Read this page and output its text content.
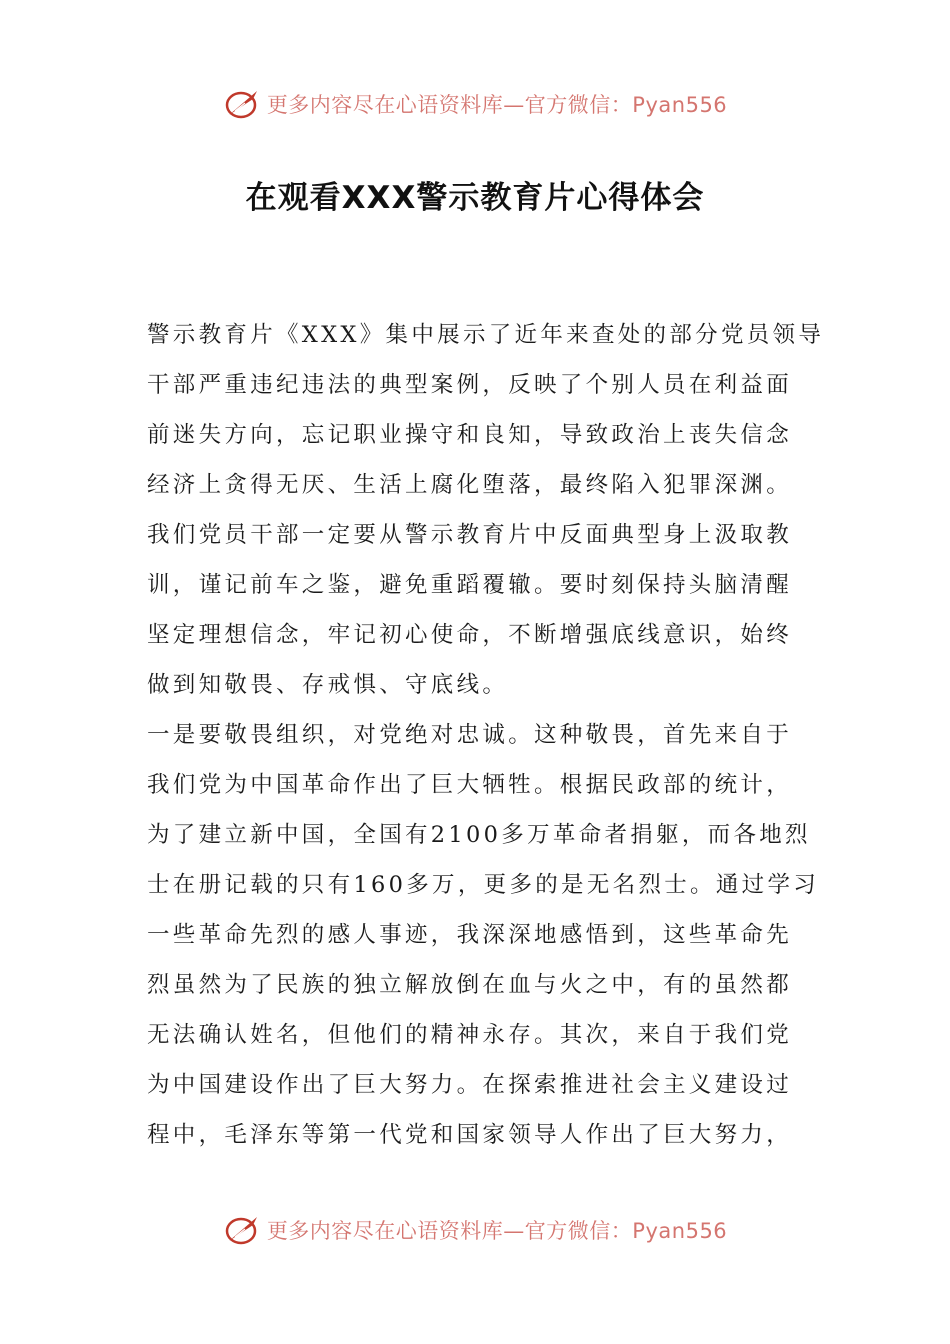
更多内容尽在心语资料库—官方微信：Pyan556
在观看XXX警示教育片心得体会
警示教育片《XXX》集中展示了近年来查处的部分党员领导
干部严重违纪违法的典型案例，反映了个别人员在利益面
前迷失方向，忘记职业操守和良知，导致政治上丧失信念
经济上贪得无厌、生活上腐化堕落，最终陷入犯罪深渊。
我们党员干部一定要从警示教育片中反面典型身上汲取教
训，谨记前车之鉴，避免重蹈覆辙。要时刻保持头脑清醒
坚定理想信念，牢记初心使命，不断增强底线意识，始终
做到知敬畏、存戒惧、守底线。
一是要敬畏组织，对党绝对忠诚。这种敬畏，首先来自于
我们党为中国革命作出了巨大牺牲。根据民政部的统计，
为了建立新中国，全国有2100多万革命者捐躯，而各地烈
士在册记载的只有160多万，更多的是无名烈士。通过学习
一些革命先烈的感人事迹，我深深地感悟到，这些革命先
烈虽然为了民族的独立解放倒在血与火之中，有的虽然都
无法确认姓名，但他们的精神永存。其次，来自于我们党
为中国建设作出了巨大努力。在探索推进社会主义建设过
程中，毛泽东等第一代党和国家领导人作出了巨大努力，
更多内容尽在心语资料库—官方微信：Pyan556
